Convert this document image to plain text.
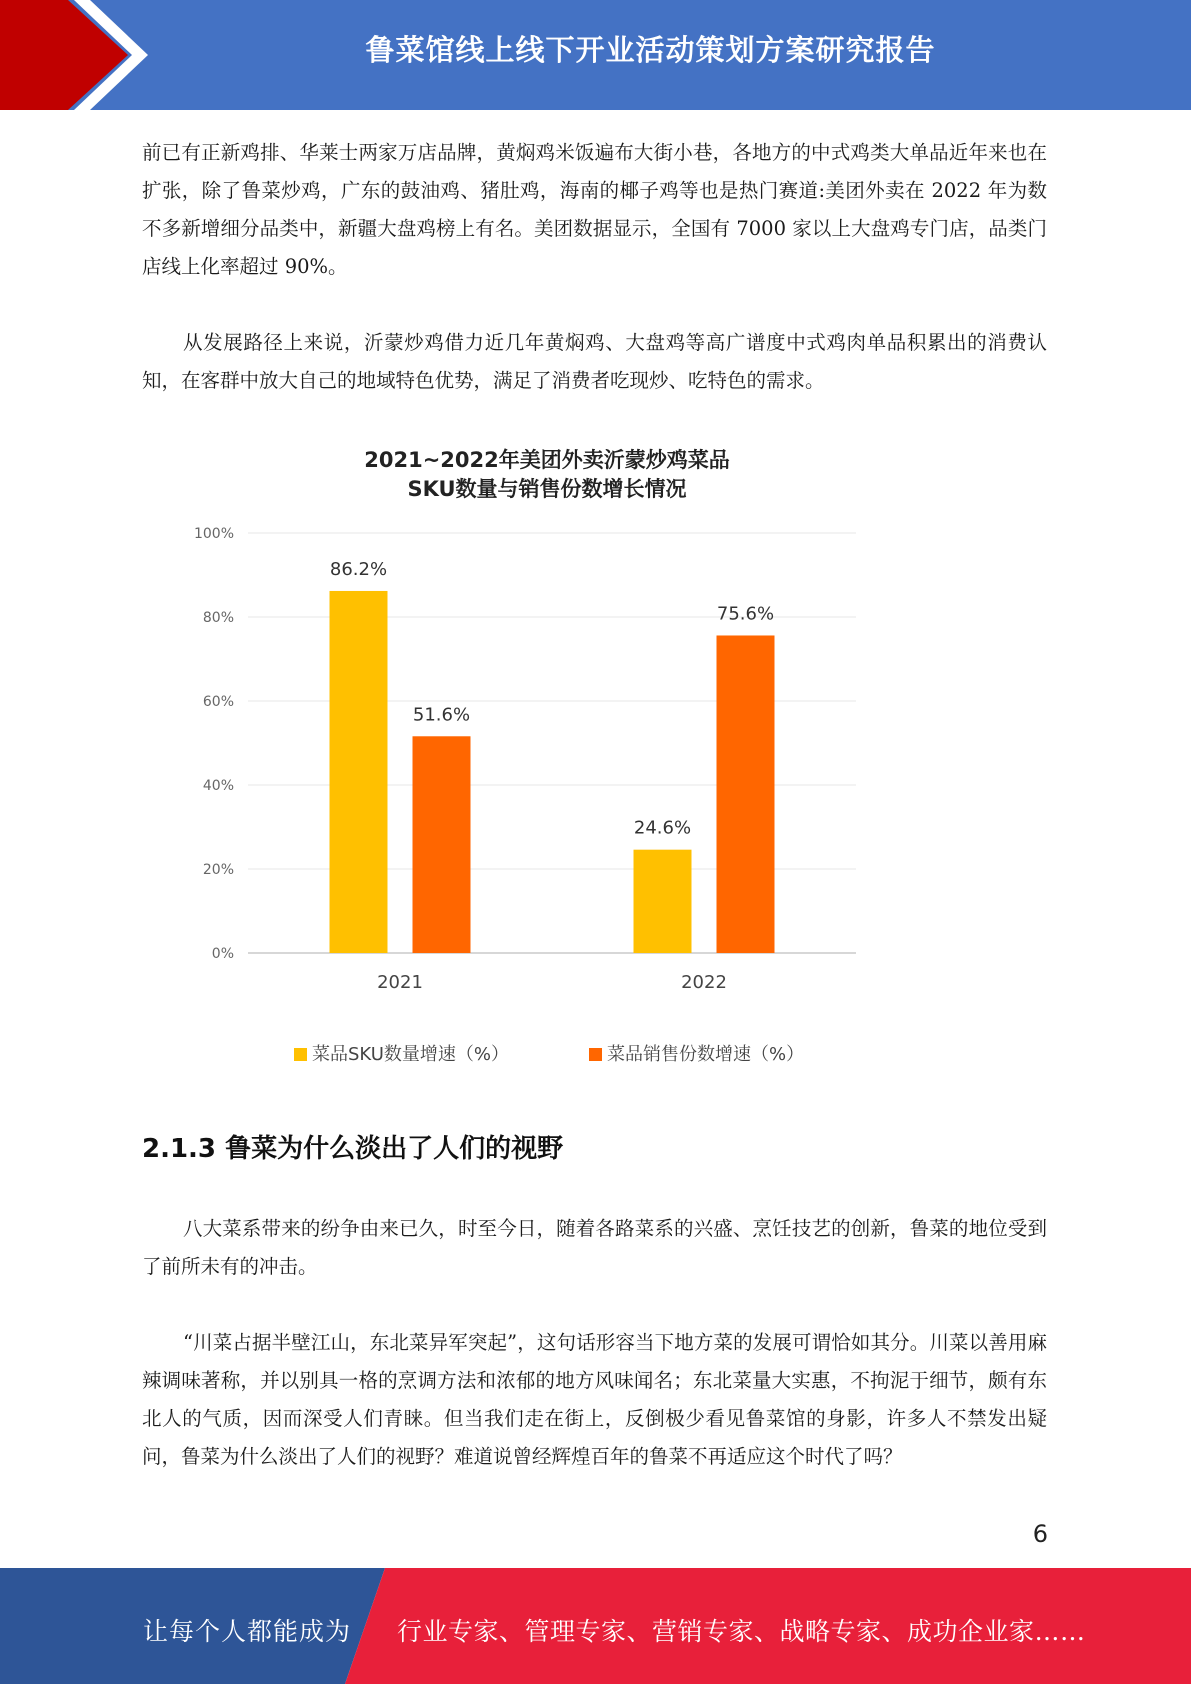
鲁菜馆线上线下开业活动策划方案研究报告

前已有正新鸡排、华莱士两家万店品牌，黄焖鸡米饭遍布大街小巷，各地方的中式鸡类大单品近年来也在扩张，除了鲁菜炒鸡，广东的鼓油鸡、猪肚鸡，海南的椰子鸡等也是热门赛道:美团外卖在 2022 年为数不多新增细分品类中，新疆大盘鸡榜上有名。美团数据显示，全国有 7000 家以上大盘鸡专门店，品类门店线上化率超过 90%。

从发展路径上来说，沂蒙炒鸡借力近几年黄焖鸡、大盘鸡等高广谱度中式鸡肉单品积累出的消费认知，在客群中放大自己的地域特色优势，满足了消费者吃现炒、吃特色的需求。

2021~2022年美团外卖沂蒙炒鸡菜品
SKU数量与销售份数增长情况
0%
20%
40%
60%
80%
100%
86.2%
51.6%
2021
24.6%
75.6%
2022
菜品SKU数量增速（%）	菜品销售份数增速（%）
2.1.3 鲁菜为什么淡出了人们的视野

八大菜系带来的纷争由来已久，时至今日，随着各路菜系的兴盛、烹饪技艺的创新，鲁菜的地位受到了前所未有的冲击。

“川菜占据半壁江山，东北菜异军突起”，这句话形容当下地方菜的发展可谓恰如其分。川菜以善用麻辣调味著称，并以别具一格的烹调方法和浓郁的地方风味闻名；东北菜量大实惠，不拘泥于细节，颇有东北人的气质，因而深受人们青睐。但当我们走在街上，反倒极少看见鲁菜馆的身影，许多人不禁发出疑问，鲁菜为什么淡出了人们的视野？难道说曾经辉煌百年的鲁菜不再适应这个时代了吗？

6
让每个人都能成为 行业专家、管理专家、营销专家、战略专家、成功企业家……
